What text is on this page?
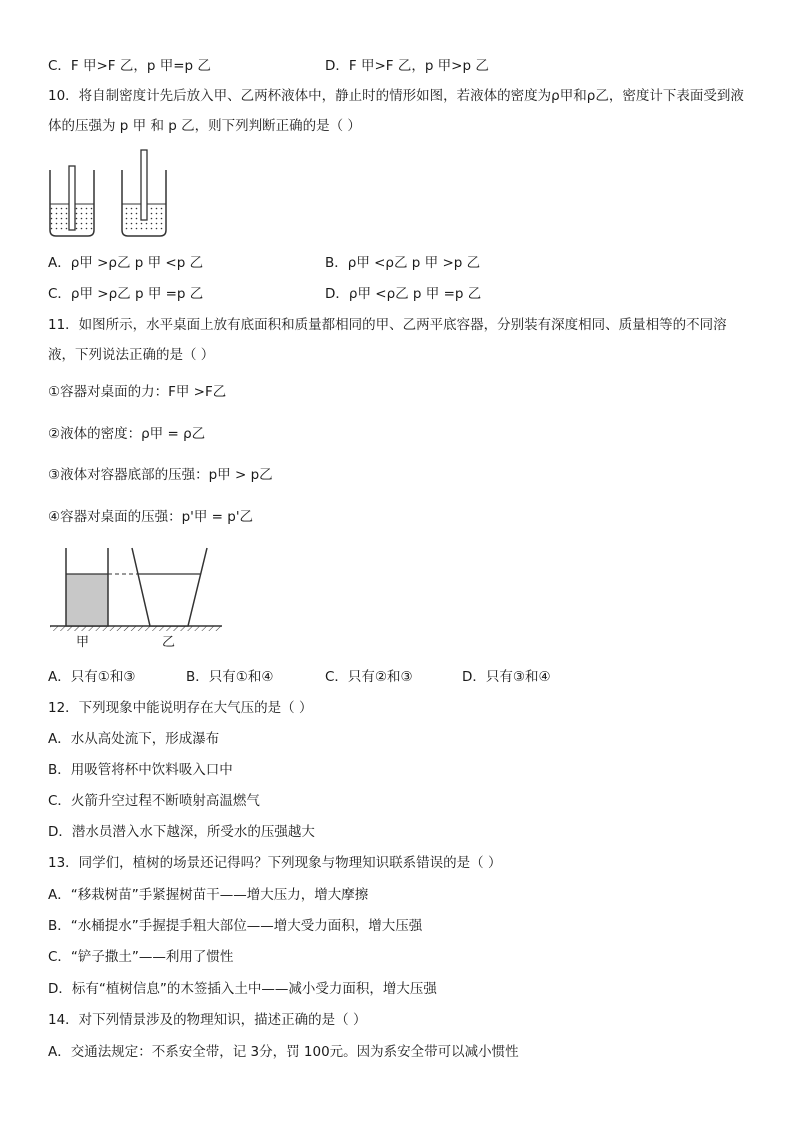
C．F 甲>F 乙，p 甲=p 乙	D．F 甲>F 乙，p 甲>p 乙
10．将自制密度计先后放入甲、乙两杯液体中，静止时的情形如图，若液体的密度为ρ甲和ρ乙，密度计下表面受到液
体的压强为 p 甲 和 p 乙，则下列判断正确的是（ ）
A．ρ甲 >ρ乙 p 甲 <p 乙	B．ρ甲 <ρ乙 p 甲 >p 乙
C．ρ甲 >ρ乙 p 甲 =p 乙	D．ρ甲 <ρ乙 p 甲 =p 乙
11．如图所示，水平桌面上放有底面积和质量都相同的甲、乙两平底容器，分别装有深度相同、质量相等的不同溶
液，下列说法正确的是（ ）
①容器对桌面的力：F甲 >F乙
②液体的密度：ρ甲 = ρ乙
③液体对容器底部的压强：p甲 > p乙
④容器对桌面的压强：p'甲 = p'乙
甲	乙
A．只有①和③	B．只有①和④	C．只有②和③	D．只有③和④
12．下列现象中能说明存在大气压的是（ ）
A．水从高处流下，形成瀑布
B．用吸管将杯中饮料吸入口中
C．火箭升空过程不断喷射高温燃气
D．潜水员潜入水下越深，所受水的压强越大
13．同学们，植树的场景还记得吗？下列现象与物理知识联系错误的是（ ）
A．“移栽树苗”手紧握树苗干——增大压力，增大摩擦
B．“水桶提水”手握提手粗大部位——增大受力面积，增大压强
C．“铲子撒土”——利用了惯性
D．标有“植树信息”的木签插入土中——减小受力面积，增大压强
14．对下列情景涉及的物理知识，描述正确的是（ ）
A．交通法规定：不系安全带，记 3分，罚 100元。因为系安全带可以减小惯性
